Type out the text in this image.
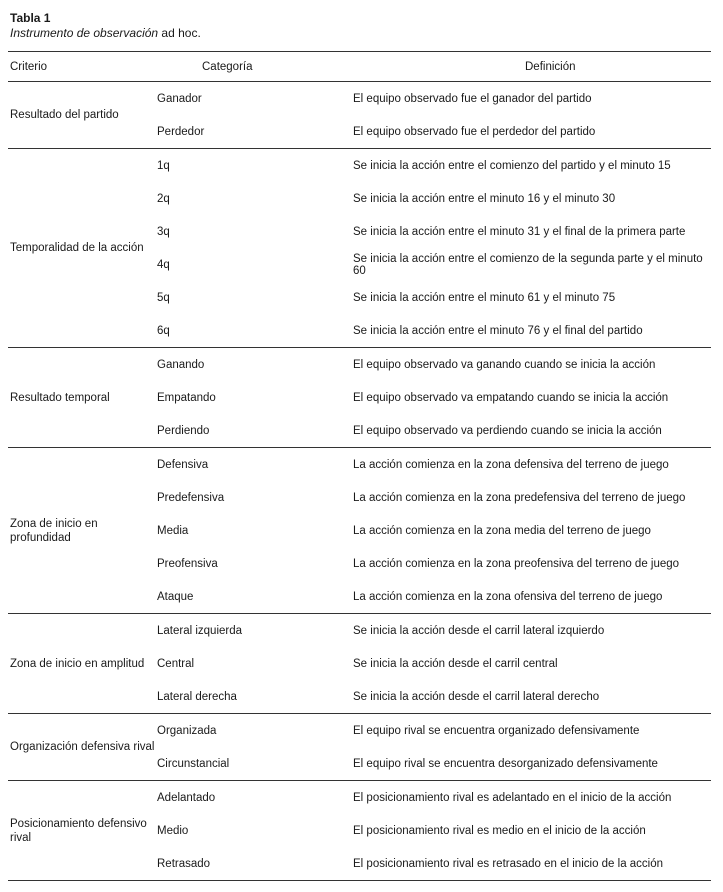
Tabla 1
Instrumento de observación ad hoc.
Criterio	Categoría	Definición
Resultado del partido	Ganador	El equipo observado fue el ganador del partido
	Perdedor	El equipo observado fue el perdedor del partido
Temporalidad de la acción	1q	Se inicia la acción entre el comienzo del partido y el minuto 15
	2q	Se inicia la acción entre el minuto 16 y el minuto 30
	3q	Se inicia la acción entre el minuto 31 y el final de la primera parte
	4q	Se inicia la acción entre el comienzo de la segunda parte y el minuto 60
	5q	Se inicia la acción entre el minuto 61 y el minuto 75
	6q	Se inicia la acción entre el minuto 76 y el final del partido
Resultado temporal	Ganando	El equipo observado va ganando cuando se inicia la acción
	Empatando	El equipo observado va empatando cuando se inicia la acción
	Perdiendo	El equipo observado va perdiendo cuando se inicia la acción
Zona de inicio en profundidad	Defensiva	La acción comienza en la zona defensiva del terreno de juego
	Predefensiva	La acción comienza en la zona predefensiva del terreno de juego
	Media	La acción comienza en la zona media del terreno de juego
	Preofensiva	La acción comienza en la zona preofensiva del terreno de juego
	Ataque	La acción comienza en la zona ofensiva del terreno de juego
Zona de inicio en amplitud	Lateral izquierda	Se inicia la acción desde el carril lateral izquierdo
	Central	Se inicia la acción desde el carril central
	Lateral derecha	Se inicia la acción desde el carril lateral derecho
Organización defensiva rival	Organizada	El equipo rival se encuentra organizado defensivamente
	Circunstancial	El equipo rival se encuentra desorganizado defensivamente
Posicionamiento defensivo rival	Adelantado	El posicionamiento rival es adelantado en el inicio de la acción
	Medio	El posicionamiento rival es medio en el inicio de la acción
	Retrasado	El posicionamiento rival es retrasado en el inicio de la acción
